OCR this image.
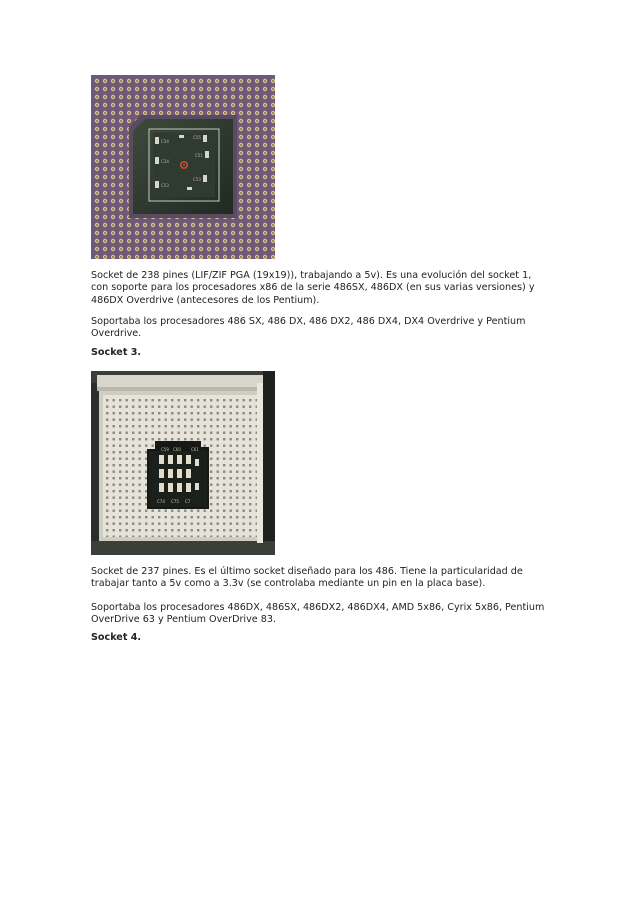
C34
C55
C34
C51
C53
C53

Socket de 238 pines (LIF/ZIF PGA (19x19)), trabajando a 5v). Es una evolución del socket 1, con soporte para los procesadores x86 de la serie 486SX, 486DX (en sus varias versiones) y 486DX Overdrive (antecesores de los Pentium).

Soportaba los procesadores 486 SX, 486 DX, 486 DX2, 486 DX4, DX4 Overdrive y Pentium Overdrive.

Socket 3.

C59 C60	C61
C74 C75 C7

Socket de 237 pines. Es el último socket diseñado para los 486. Tiene la particularidad de trabajar tanto a 5v como a 3.3v (se controlaba mediante un pin en la placa base).

Soportaba los procesadores 486DX, 486SX, 486DX2, 486DX4, AMD 5x86, Cyrix 5x86, Pentium OverDrive 63 y Pentium OverDrive 83.

Socket 4.
